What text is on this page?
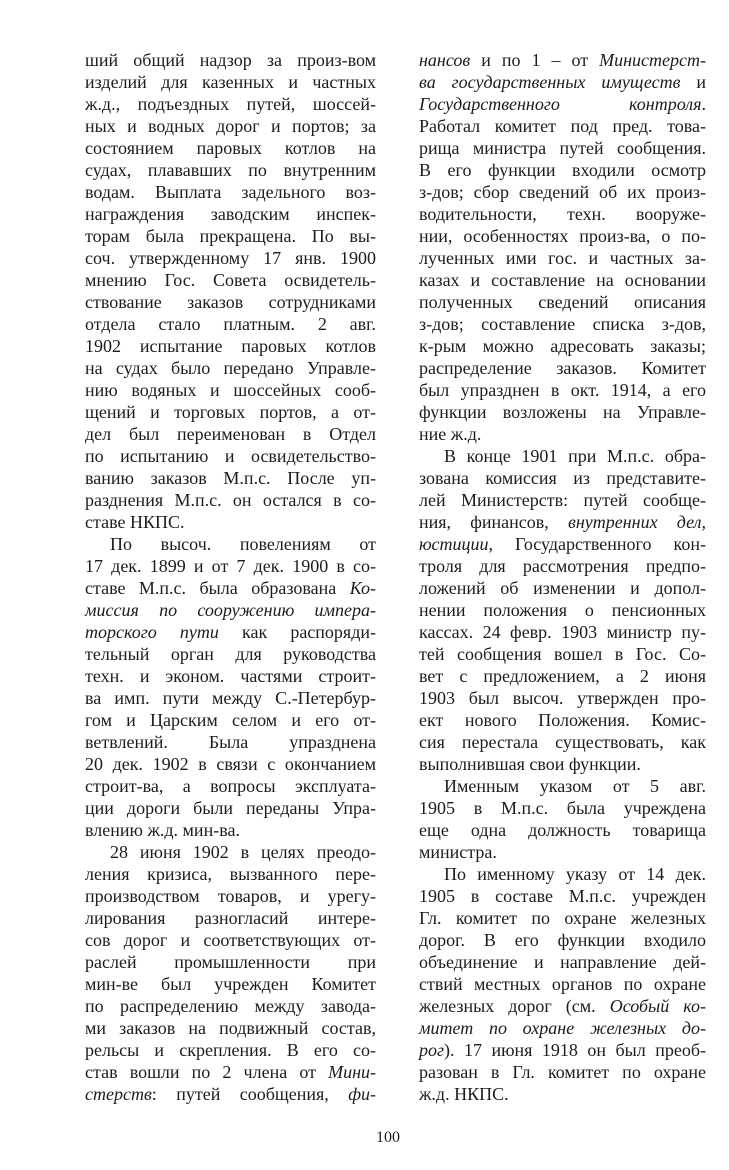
ший общий надзор за произ-вом
изделий для казенных и частных
ж.д., подъездных путей, шоссей-
ных и водных дорог и портов; за
состоянием паровых котлов на
судах, плававших по внутренним
водам. Выплата задельного воз-
награждения заводским инспек-
торам была прекращена. По вы-
соч. утвержденному 17 янв. 1900
мнению Гос. Совета освидетель-
ствование заказов сотрудниками
отдела стало платным. 2 авг.
1902 испытание паровых котлов
на судах было передано Управле-
нию водяных и шоссейных сооб-
щений и торговых портов, а от-
дел был переименован в Отдел
по испытанию и освидетельство-
ванию заказов М.п.с. После уп-
разднения М.п.с. он остался в со-
ставе НКПС.
По высоч. повелениям от
17 дек. 1899 и от 7 дек. 1900 в со-
ставе М.п.с. была образована Ко-
миссия по сооружению импера-
торского пути как распоряди-
тельный орган для руководства
техн. и эконом. частями строит-
ва имп. пути между С.-Петербур-
гом и Царским селом и его от-
ветвлений. Была упразднена
20 дек. 1902 в связи с окончанием
строит-ва, а вопросы эксплуата-
ции дороги были переданы Упра-
влению ж.д. мин-ва.
28 июня 1902 в целях преодо-
ления кризиса, вызванного пере-
производством товаров, и урегу-
лирования разногласий интере-
сов дорог и соответствующих от-
раслей промышленности при
мин-ве был учрежден Комитет
по распределению между завода-
ми заказов на подвижный состав,
рельсы и скрепления. В его со-
став вошли по 2 члена от Мини-
стерств: путей сообщения, фи-
нансов и по 1 – от Министерст-
ва государственных имуществ и
Государственного контроля.
Работал комитет под пред. това-
рища министра путей сообщения.
В его функции входили осмотр
з-дов; сбор сведений об их произ-
водительности, техн. вооруже-
нии, особенностях произ-ва, о по-
лученных ими гос. и частных за-
казах и составление на основании
полученных сведений описания
з-дов; составление списка з-дов,
к-рым можно адресовать заказы;
распределение заказов. Комитет
был упразднен в окт. 1914, а его
функции возложены на Управле-
ние ж.д.
В конце 1901 при М.п.с. обра-
зована комиссия из представите-
лей Министерств: путей сообще-
ния, финансов, внутренних дел,
юстиции, Государственного кон-
троля для рассмотрения предпо-
ложений об изменении и допол-
нении положения о пенсионных
кассах. 24 февр. 1903 министр пу-
тей сообщения вошел в Гос. Со-
вет с предложением, а 2 июня
1903 был высоч. утвержден про-
ект нового Положения. Комис-
сия перестала существовать, как
выполнившая свои функции.
Именным указом от 5 авг.
1905 в М.п.с. была учреждена
еще одна должность товарища
министра.
По именному указу от 14 дек.
1905 в составе М.п.с. учрежден
Гл. комитет по охране железных
дорог. В его функции входило
объединение и направление дей-
ствий местных органов по охране
железных дорог (см. Особый ко-
митет по охране железных до-
рог). 17 июня 1918 он был преоб-
разован в Гл. комитет по охране
ж.д. НКПС.
100
